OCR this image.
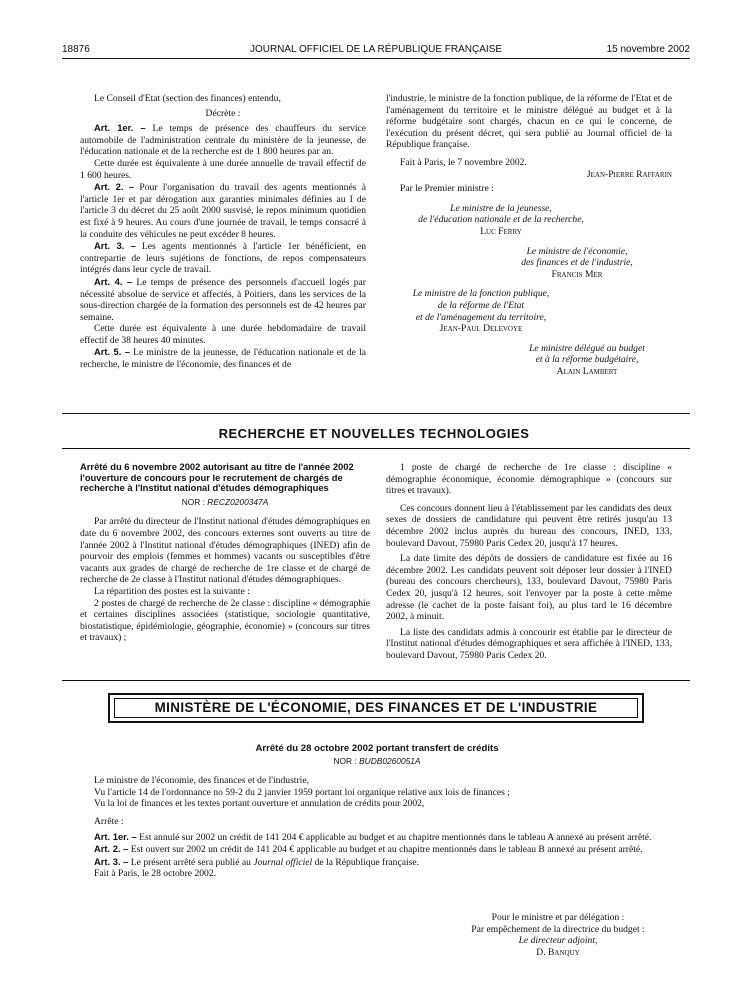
18876	JOURNAL OFFICIEL DE LA RÉPUBLIQUE FRANÇAISE	15 novembre 2002

Le Conseil d'Etat (section des finances) entendu,

Décrète :

Art. 1er. – Le temps de présence des chauffeurs du service automobile de l'administration centrale du ministère de la jeunesse, de l'éducation nationale et de la recherche est de 1 800 heures par an.

Cette durée est équivalente à une durée annuelle de travail effectif de 1 600 heures.

Art. 2. – Pour l'organisation du travail des agents mentionnés à l'article 1er et par dérogation aux garanties minimales définies au I de l'article 3 du décret du 25 août 2000 susvisé, le repos minimum quotidien est fixé à 9 heures. Au cours d'une journée de travail, le temps consacré à la conduite des véhicules ne peut excéder 8 heures.

Art. 3. – Les agents mentionnés à l'article 1er bénéficient, en contrepartie de leurs sujétions de fonctions, de repos compensateurs intégrés dans leur cycle de travail.

Art. 4. – Le temps de présence des personnels d'accueil logés par nécessité absolue de service et affectés, à Poitiers, dans les services de la sous-direction chargée de la formation des personnels est de 42 heures par semaine.

Cette durée est équivalente à une durée hebdomadaire de travail effectif de 38 heures 40 minutes.

Art. 5. – Le ministre de la jeunesse, de l'éducation nationale et de la recherche, le ministre de l'économie, des finances et de

l'industrie, le ministre de la fonction publique, de la réforme de l'Etat et de l'aménagement du territoire et le ministre délégué au budget et à la réforme budgétaire sont chargés, chacun en ce qui le concerne, de l'exécution du présent décret, qui sera publié au Journal officiel de la République française.

Fait à Paris, le 7 novembre 2002.

Jean-Pierre Raffarin

Par le Premier ministre :

Le ministre de la jeunesse,
de l'éducation nationale et de la recherche,
Luc Ferry
Le ministre de l'économie,
des finances et de l'industrie,
Francis Mer
Le ministre de la fonction publique,
de la réforme de l'Etat
et de l'aménagement du territoire,
Jean-Paul Delevoye
Le ministre délégué au budget
et à la réforme budgétaire,
Alain Lambert
RECHERCHE ET NOUVELLES TECHNOLOGIES
Arrêté du 6 novembre 2002 autorisant au titre de l'année 2002 l'ouverture de concours pour le recrutement de chargés de recherche à l'Institut national d'études démographiques
NOR : RECZ0200347A

Par arrêté du directeur de l'Institut national d'études démographiques en date du 6 novembre 2002, des concours externes sont ouverts au titre de l'année 2002 à l'Institut national d'études démographiques (INED) afin de pourvoir des emplois (femmes et hommes) vacants ou susceptibles d'être vacants aux grades de chargé de recherche de 1re classe et de chargé de recherche de 2e classe à l'Institut national d'études démographiques.

La répartition des postes est la suivante :

2 postes de chargé de recherche de 2e classe : discipline « démographie et certaines disciplines associées (statistique, sociologie quantitative, biostatistique, épidémiologie, géographie, économie) » (concours sur titres et travaux) ;

1 poste de chargé de recherche de 1re classe : discipline « démographie économique, économie démographique » (concours sur titres et travaux).

Ces concours donnent lieu à l'établissement par les candidats des deux sexes de dossiers de candidature qui peuvent être retirés jusqu'au 13 décembre 2002 inclus auprès du bureau des concours, INED, 133, boulevard Davout, 75980 Paris Cedex 20, jusqu'à 17 heures.

La date limite des dépôts de dossiers de candidature est fixée au 16 décembre 2002. Les candidats peuvent soit déposer leur dossier à l'INED (bureau des concours chercheurs), 133, boulevard Davout, 75980 Paris Cedex 20, jusqu'à 12 heures, soit l'envoyer par la poste à cette même adresse (le cachet de la poste faisant foi), au plus tard le 16 décembre 2002, à minuit.

La liste des candidats admis à concourir est établie par le directeur de l'Institut national d'études démographiques et sera affichée à l'INED, 133, boulevard Davout, 75980 Paris Cedex 20.

MINISTÈRE DE L'ÉCONOMIE, DES FINANCES ET DE L'INDUSTRIE
Arrêté du 28 octobre 2002 portant transfert de crédits
NOR : BUDB0260051A

Le ministre de l'économie, des finances et de l'industrie,

Vu l'article 14 de l'ordonnance no 59-2 du 2 janvier 1959 portant loi organique relative aux lois de finances ;

Vu la loi de finances et les textes portant ouverture et annulation de crédits pour 2002,

Arrête :

Art. 1er. – Est annulé sur 2002 un crédit de 141 204 € applicable au budget et au chapitre mentionnés dans le tableau A annexé au présent arrêté.

Art. 2. – Est ouvert sur 2002 un crédit de 141 204 € applicable au budget et au chapitre mentionnés dans le tableau B annexé au présent arrêté.

Art. 3. – Le présent arrêté sera publié au Journal officiel de la République française.

Fait à Paris, le 28 octobre 2002.

Pour le ministre et par délégation :
Par empêchement de la directrice du budget :
Le directeur adjoint,
D. Banquy
